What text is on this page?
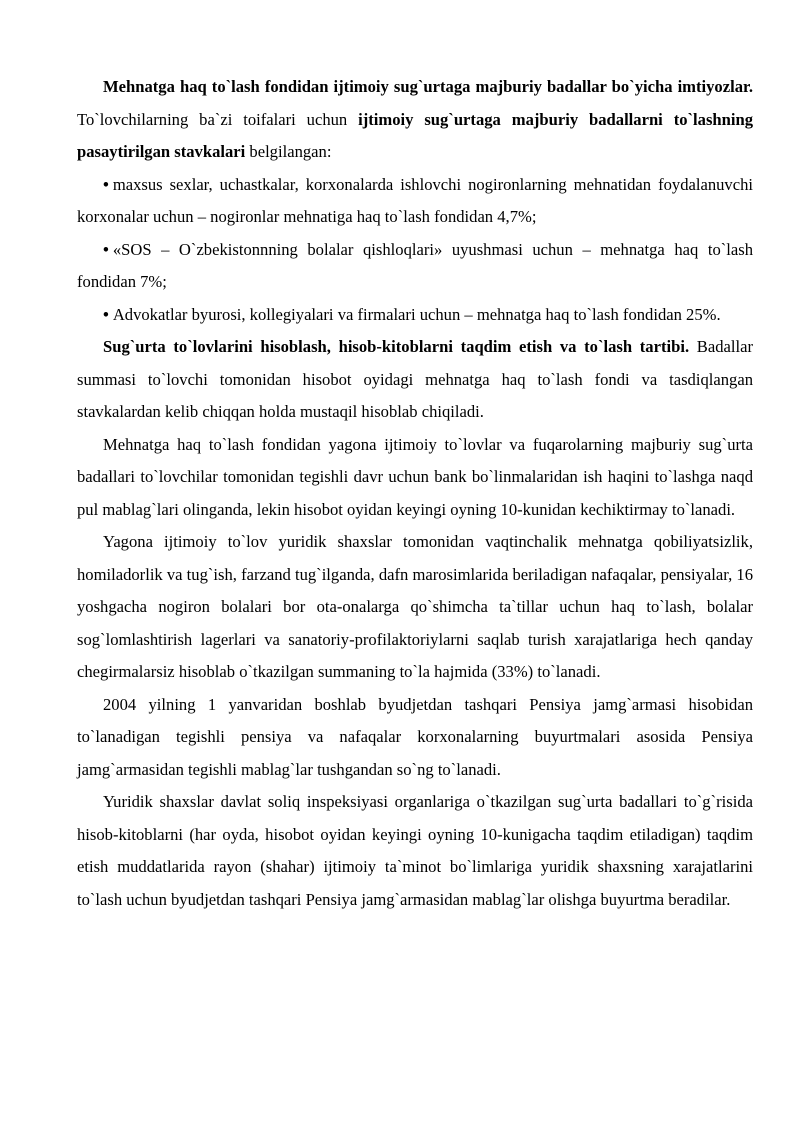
Mehnatga haq to`lash fondidan ijtimoiy sug`urtaga majburiy badallar bo`yicha imtiyozlar. To`lovchilarning ba`zi toifalari uchun ijtimoiy sug`urtaga majburiy badallarni to`lashning pasaytirilgan stavkalari belgilangan:

• maxsus sexlar, uchastkalar, korxonalarda ishlovchi nogironlarning mehnatidan foydalanuvchi korxonalar uchun – nogironlar mehnatiga haq to`lash fondidan 4,7%;

• «SOS – O`zbekistonnning bolalar qishloqlari» uyushmasi uchun – mehnatga haq to`lash fondidan 7%;

• Advokatlar byurosi, kollegiyalari va firmalari uchun – mehnatga haq to`lash fondidan 25%.

Sug`urta to`lovlarini hisoblash, hisob-kitoblarni taqdim etish va to`lash tartibi. Badallar summasi to`lovchi tomonidan hisobot oyidagi mehnatga haq to`lash fondi va tasdiqlangan stavkalardan kelib chiqqan holda mustaqil hisoblab chiqiladi.

Mehnatga haq to`lash fondidan yagona ijtimoiy to`lovlar va fuqarolarning majburiy sug`urta badallari to`lovchilar tomonidan tegishli davr uchun bank bo`linmalaridan ish haqini to`lashga naqd pul mablag`lari olinganda, lekin hisobot oyidan keyingi oyning 10-kunidan kechiktirmay to`lanadi.

Yagona ijtimoiy to`lov yuridik shaxslar tomonidan vaqtinchalik mehnatga qobiliyatsizlik, homiladorlik va tug`ish, farzand tug`ilganda, dafn marosimlarida beriladigan nafaqalar, pensiyalar, 16 yoshgacha nogiron bolalari bor ota-onalarga qo`shimcha ta`tillar uchun haq to`lash, bolalar sog`lomlashtirish lagerlari va sanatoriy-profilaktoriylarni saqlab turish xarajatlariga hech qanday chegirmalarsiz hisoblab o`tkazilgan summaning to`la hajmida (33%) to`lanadi.

2004 yilning 1 yanvaridan boshlab byudjetdan tashqari Pensiya jamg`armasi hisobidan to`lanadigan tegishli pensiya va nafaqalar korxonalarning buyurtmalari asosida Pensiya jamg`armasidan tegishli mablag`lar tushgandan so`ng to`lanadi.

Yuridik shaxslar davlat soliq inspeksiyasi organlariga o`tkazilgan sug`urta badallari to`g`risida hisob-kitoblarni (har oyda, hisobot oyidan keyingi oyning 10-kunigacha taqdim etiladigan) taqdim etish muddatlarida rayon (shahar) ijtimoiy ta`minot bo`limlariga yuridik shaxsning xarajatlarini to`lash uchun byudjetdan tashqari Pensiya jamg`armasidan mablag`lar olishga buyurtma beradilar.
